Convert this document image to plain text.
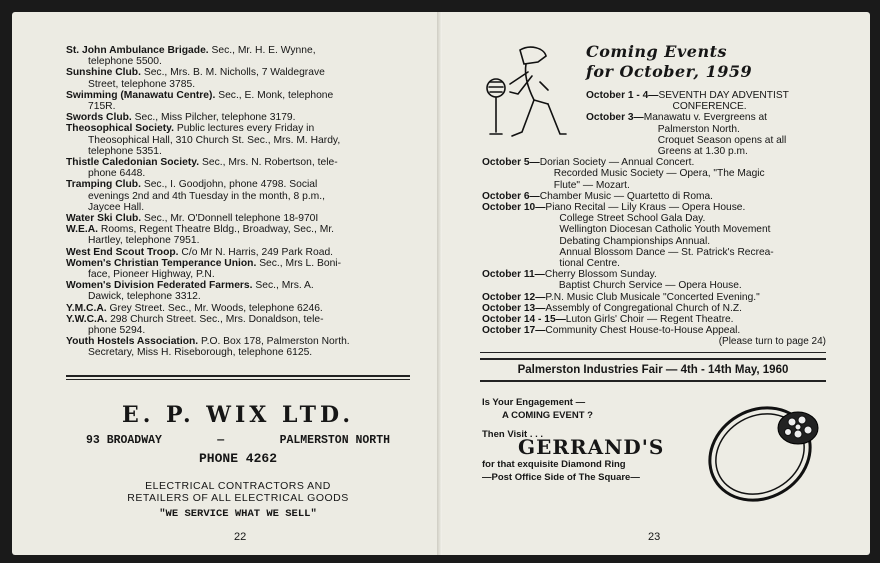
St. John Ambulance Brigade. Sec., Mr. H. E. Wynne,
telephone 5500.
Sunshine Club. Sec., Mrs. B. M. Nicholls, 7 Waldegrave
Street, telephone 3785.
Swimming (Manawatu Centre). Sec., E. Monk, telephone
715R.
Swords Club. Sec., Miss Pilcher, telephone 3179.
Theosophical Society. Public lectures every Friday in
Theosophical Hall, 310 Church St. Sec., Mrs. M. Hardy,
telephone 5351.
Thistle Caledonian Society. Sec., Mrs. N. Robertson, tele-
phone 6448.
Tramping Club. Sec., I. Goodjohn, phone 4798. Social
evenings 2nd and 4th Tuesday in the month, 8 p.m.,
Jaycee Hall.
Water Ski Club. Sec., Mr. O'Donnell telephone 18-970I
W.E.A. Rooms, Regent Theatre Bldg., Broadway, Sec., Mr.
Hartley, telephone 7951.
West End Scout Troop. C/o Mr N. Harris, 249 Park Road.
Women's Christian Temperance Union. Sec., Mrs L. Boni-
face, Pioneer Highway, P.N.
Women's Division Federated Farmers. Sec., Mrs. A.
Dawick, telephone 3312.
Y.M.C.A. Grey Street. Sec., Mr. Woods, telephone 6246.
Y.W.C.A. 298 Church Street. Sec., Mrs. Donaldson, tele-
phone 5294.
Youth Hostels Association. P.O. Box 178, Palmerston North.
Secretary, Miss H. Riseborough, telephone 6125.
E. P. WIX LTD.
93 BROADWAY	—	PALMERSTON NORTH
PHONE 4262
ELECTRICAL CONTRACTORS AND
RETAILERS OF ALL ELECTRICAL GOODS
"WE SERVICE WHAT WE SELL"
22
Coming Events
for October, 1959
October 1 - 4— SEVENTH DAY ADVENTIST
CONFERENCE.
October 3— Manawatu v. Evergreens at
Palmerston North.
Croquet Season opens at all
Greens at 1.30 p.m.
October 5— Dorian Society — Annual Concert.
Recorded Music Society — Opera, "The Magic
Flute" — Mozart.
October 6— Chamber Music — Quartetto di Roma.
October 10— Piano Recital — Lily Kraus — Opera House.
College Street School Gala Day.
Wellington Diocesan Catholic Youth Movement
Debating Championships Annual.
Annual Blossom Dance — St. Patrick's Recrea-
tional Centre.
October 11— Cherry Blossom Sunday.
Baptist Church Service — Opera House.
October 12— P.N. Music Club Musicale "Concerted Evening."
October 13— Assembly of Congregational Church of N.Z.
October 14 - 15— Luton Girls' Choir — Regent Theatre.
October 17— Community Chest House-to-House Appeal.
(Please turn to page 24)
Palmerston Industries Fair — 4th - 14th May, 1960
Is Your Engagement —
A COMING EVENT ?
Then Visit . . .
GERRAND'S
for that exquisite Diamond Ring
—Post Office Side of The Square—
23
